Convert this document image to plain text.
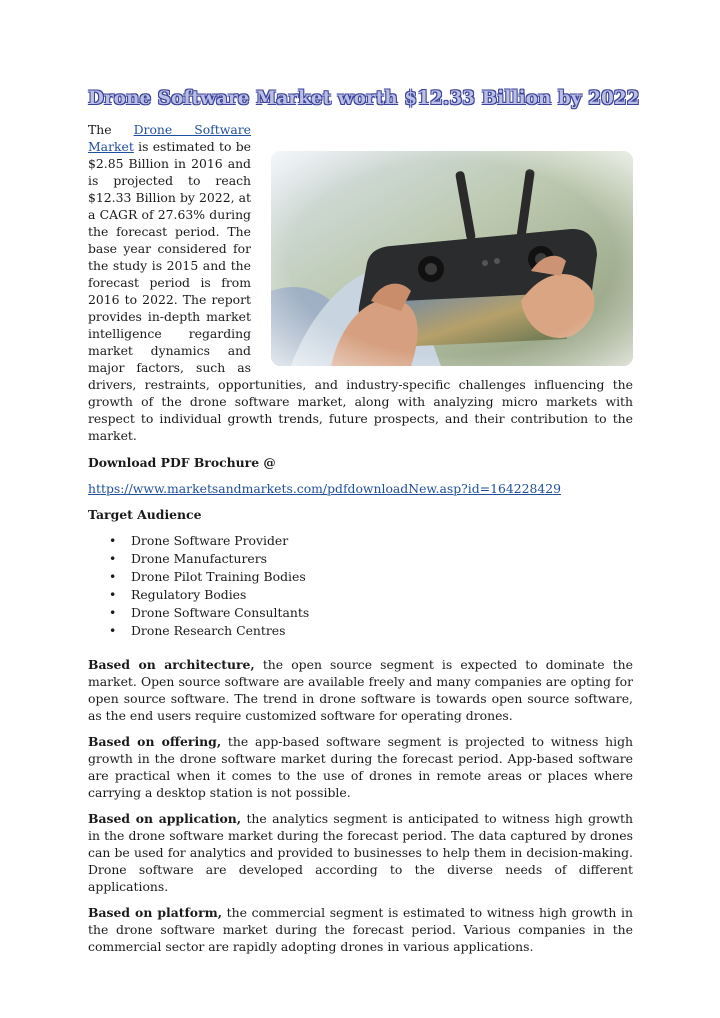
Drone Software Market worth $12.33 Billion by 2022

The Drone Software Market is estimated to be $2.85 Billion in 2016 and is projected to reach $12.33 Billion by 2022, at a CAGR of 27.63% during the forecast period. The base year considered for the study is 2015 and the forecast period is from 2016 to 2022. The report provides in-depth market intelligence regarding market dynamics and major factors, such as drivers, restraints, opportunities, and industry-specific challenges influencing the growth of the drone software market, along with analyzing micro markets with respect to individual growth trends, future prospects, and their contribution to the market.

Download PDF Brochure @

https://www.marketsandmarkets.com/pdfdownloadNew.asp?id=164228429

Target Audience

• Drone Software Provider
• Drone Manufacturers
• Drone Pilot Training Bodies
• Regulatory Bodies
• Drone Software Consultants
• Drone Research Centres

Based on architecture, the open source segment is expected to dominate the market. Open source software are available freely and many companies are opting for open source software. The trend in drone software is towards open source software, as the end users require customized software for operating drones.

Based on offering, the app-based software segment is projected to witness high growth in the drone software market during the forecast period. App-based software are practical when it comes to the use of drones in remote areas or places where carrying a desktop station is not possible.

Based on application, the analytics segment is anticipated to witness high growth in the drone software market during the forecast period. The data captured by drones can be used for analytics and provided to businesses to help them in decision-making. Drone software are developed according to the diverse needs of different applications.

Based on platform, the commercial segment is estimated to witness high growth in the drone software market during the forecast period. Various companies in the commercial sector are rapidly adopting drones in various applications.
